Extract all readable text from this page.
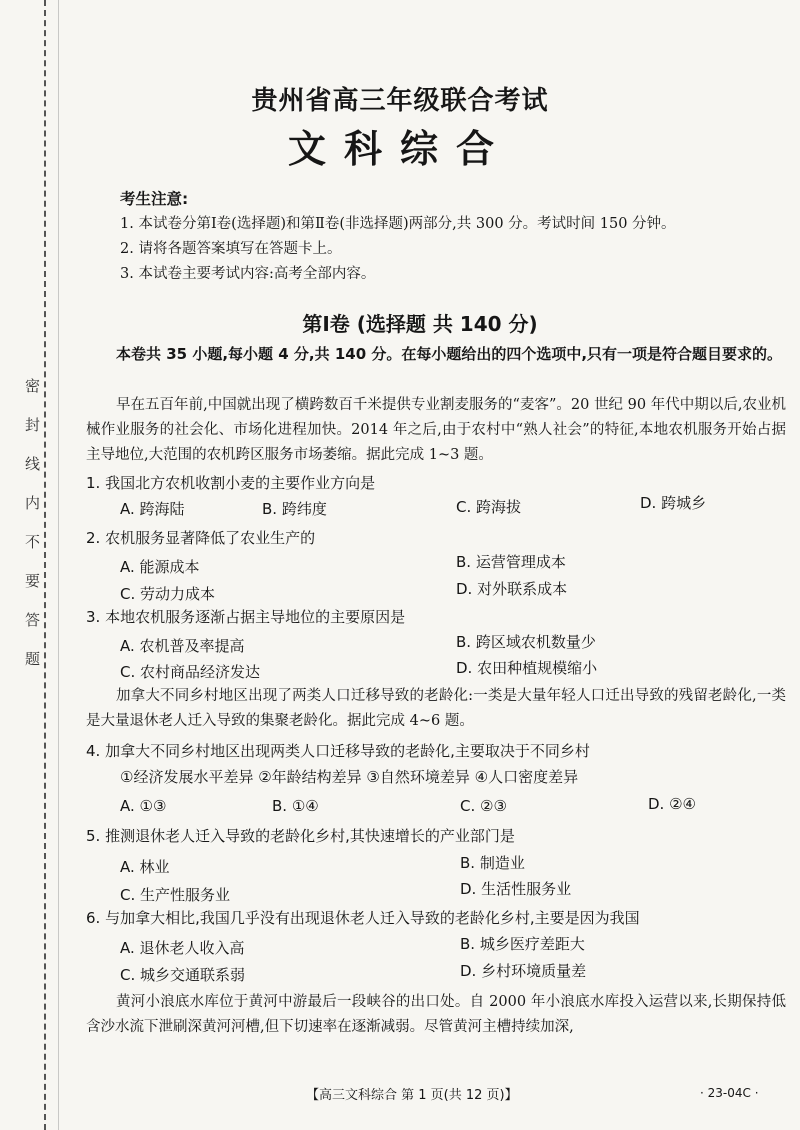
密封线内不要答题
贵州省高三年级联合考试
文科综合
考生注意:
1. 本试卷分第Ⅰ卷(选择题)和第Ⅱ卷(非选择题)两部分,共 300 分。考试时间 150 分钟。
2. 请将各题答案填写在答题卡上。
3. 本试卷主要考试内容:高考全部内容。
第Ⅰ卷 (选择题 共 140 分)
本卷共 35 小题,每小题 4 分,共 140 分。在每小题给出的四个选项中,只有一项是符合题目要求的。
早在五百年前,中国就出现了横跨数百千米提供专业割麦服务的“麦客”。20 世纪 90 年代中期以后,农业机械作业服务的社会化、市场化进程加快。2014 年之后,由于农村中“熟人社会”的特征,本地农机服务开始占据主导地位,大范围的农机跨区服务市场萎缩。据此完成 1~3 题。
1. 我国北方农机收割小麦的主要作业方向是
A. 跨海陆	B. 跨纬度	C. 跨海拔	D. 跨城乡
2. 农机服务显著降低了农业生产的
A. 能源成本	B. 运营管理成本
C. 劳动力成本	D. 对外联系成本
3. 本地农机服务逐渐占据主导地位的主要原因是
A. 农机普及率提高	B. 跨区域农机数量少
C. 农村商品经济发达	D. 农田种植规模缩小
加拿大不同乡村地区出现了两类人口迁移导致的老龄化:一类是大量年轻人口迁出导致的残留老龄化,一类是大量退休老人迁入导致的集聚老龄化。据此完成 4~6 题。
4. 加拿大不同乡村地区出现两类人口迁移导致的老龄化,主要取决于不同乡村
①经济发展水平差异 ②年龄结构差异 ③自然环境差异 ④人口密度差异
A. ①③	B. ①④	C. ②③	D. ②④
5. 推测退休老人迁入导致的老龄化乡村,其快速增长的产业部门是
A. 林业	B. 制造业
C. 生产性服务业	D. 生活性服务业
6. 与加拿大相比,我国几乎没有出现退休老人迁入导致的老龄化乡村,主要是因为我国
A. 退休老人收入高	B. 城乡医疗差距大
C. 城乡交通联系弱	D. 乡村环境质量差
黄河小浪底水库位于黄河中游最后一段峡谷的出口处。自 2000 年小浪底水库投入运营以来,长期保持低含沙水流下泄刷深黄河河槽,但下切速率在逐渐减弱。尽管黄河主槽持续加深,
【高三文科综合 第 1 页(共 12 页)】	· 23-04C ·
